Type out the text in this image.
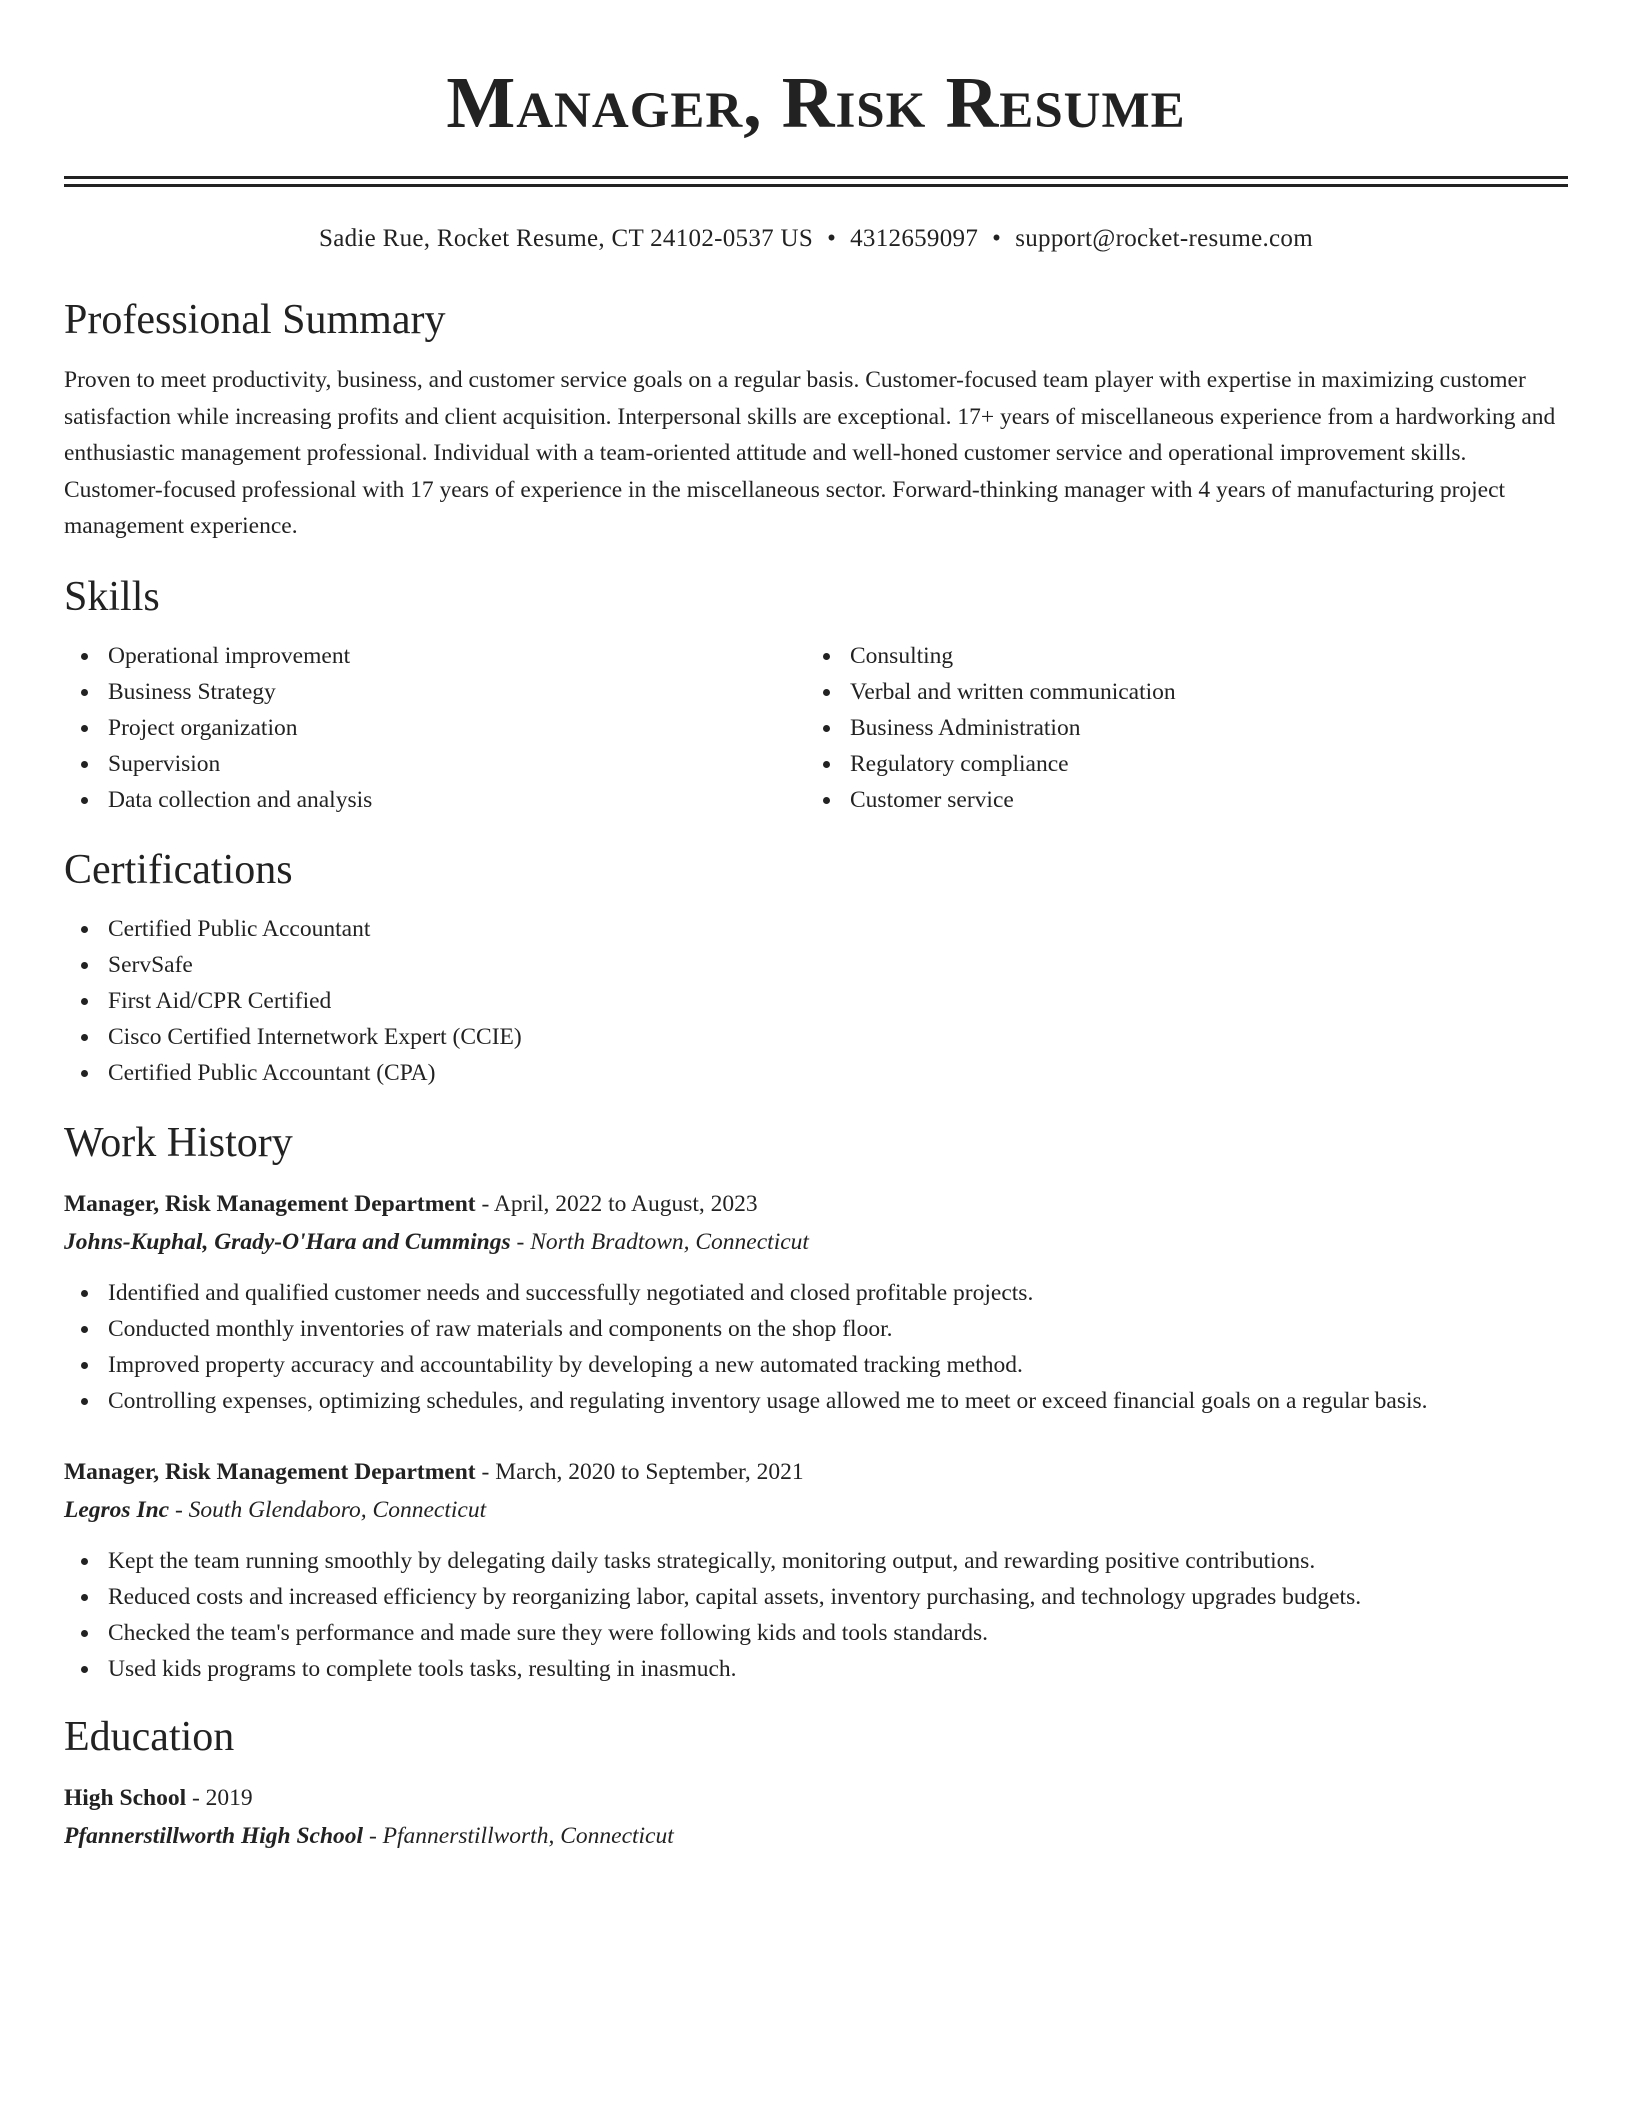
Manager, Risk Resume
Sadie Rue, Rocket Resume, CT 24102-0537 US • 4312659097 • support@rocket-resume.com
Professional Summary
Proven to meet productivity, business, and customer service goals on a regular basis. Customer-focused team player with expertise in maximizing customer satisfaction while increasing profits and client acquisition. Interpersonal skills are exceptional. 17+ years of miscellaneous experience from a hardworking and enthusiastic management professional. Individual with a team-oriented attitude and well-honed customer service and operational improvement skills. Customer-focused professional with 17 years of experience in the miscellaneous sector. Forward-thinking manager with 4 years of manufacturing project management experience.
Skills
Operational improvement
Business Strategy
Project organization
Supervision
Data collection and analysis
Consulting
Verbal and written communication
Business Administration
Regulatory compliance
Customer service
Certifications
Certified Public Accountant
ServSafe
First Aid/CPR Certified
Cisco Certified Internetwork Expert (CCIE)
Certified Public Accountant (CPA)
Work History
Manager, Risk Management Department - April, 2022 to August, 2023
Johns-Kuphal, Grady-O'Hara and Cummings - North Bradtown, Connecticut
Identified and qualified customer needs and successfully negotiated and closed profitable projects.
Conducted monthly inventories of raw materials and components on the shop floor.
Improved property accuracy and accountability by developing a new automated tracking method.
Controlling expenses, optimizing schedules, and regulating inventory usage allowed me to meet or exceed financial goals on a regular basis.
Manager, Risk Management Department - March, 2020 to September, 2021
Legros Inc - South Glendaboro, Connecticut
Kept the team running smoothly by delegating daily tasks strategically, monitoring output, and rewarding positive contributions.
Reduced costs and increased efficiency by reorganizing labor, capital assets, inventory purchasing, and technology upgrades budgets.
Checked the team's performance and made sure they were following kids and tools standards.
Used kids programs to complete tools tasks, resulting in inasmuch.
Education
High School - 2019
Pfannerstillworth High School - Pfannerstillworth, Connecticut
